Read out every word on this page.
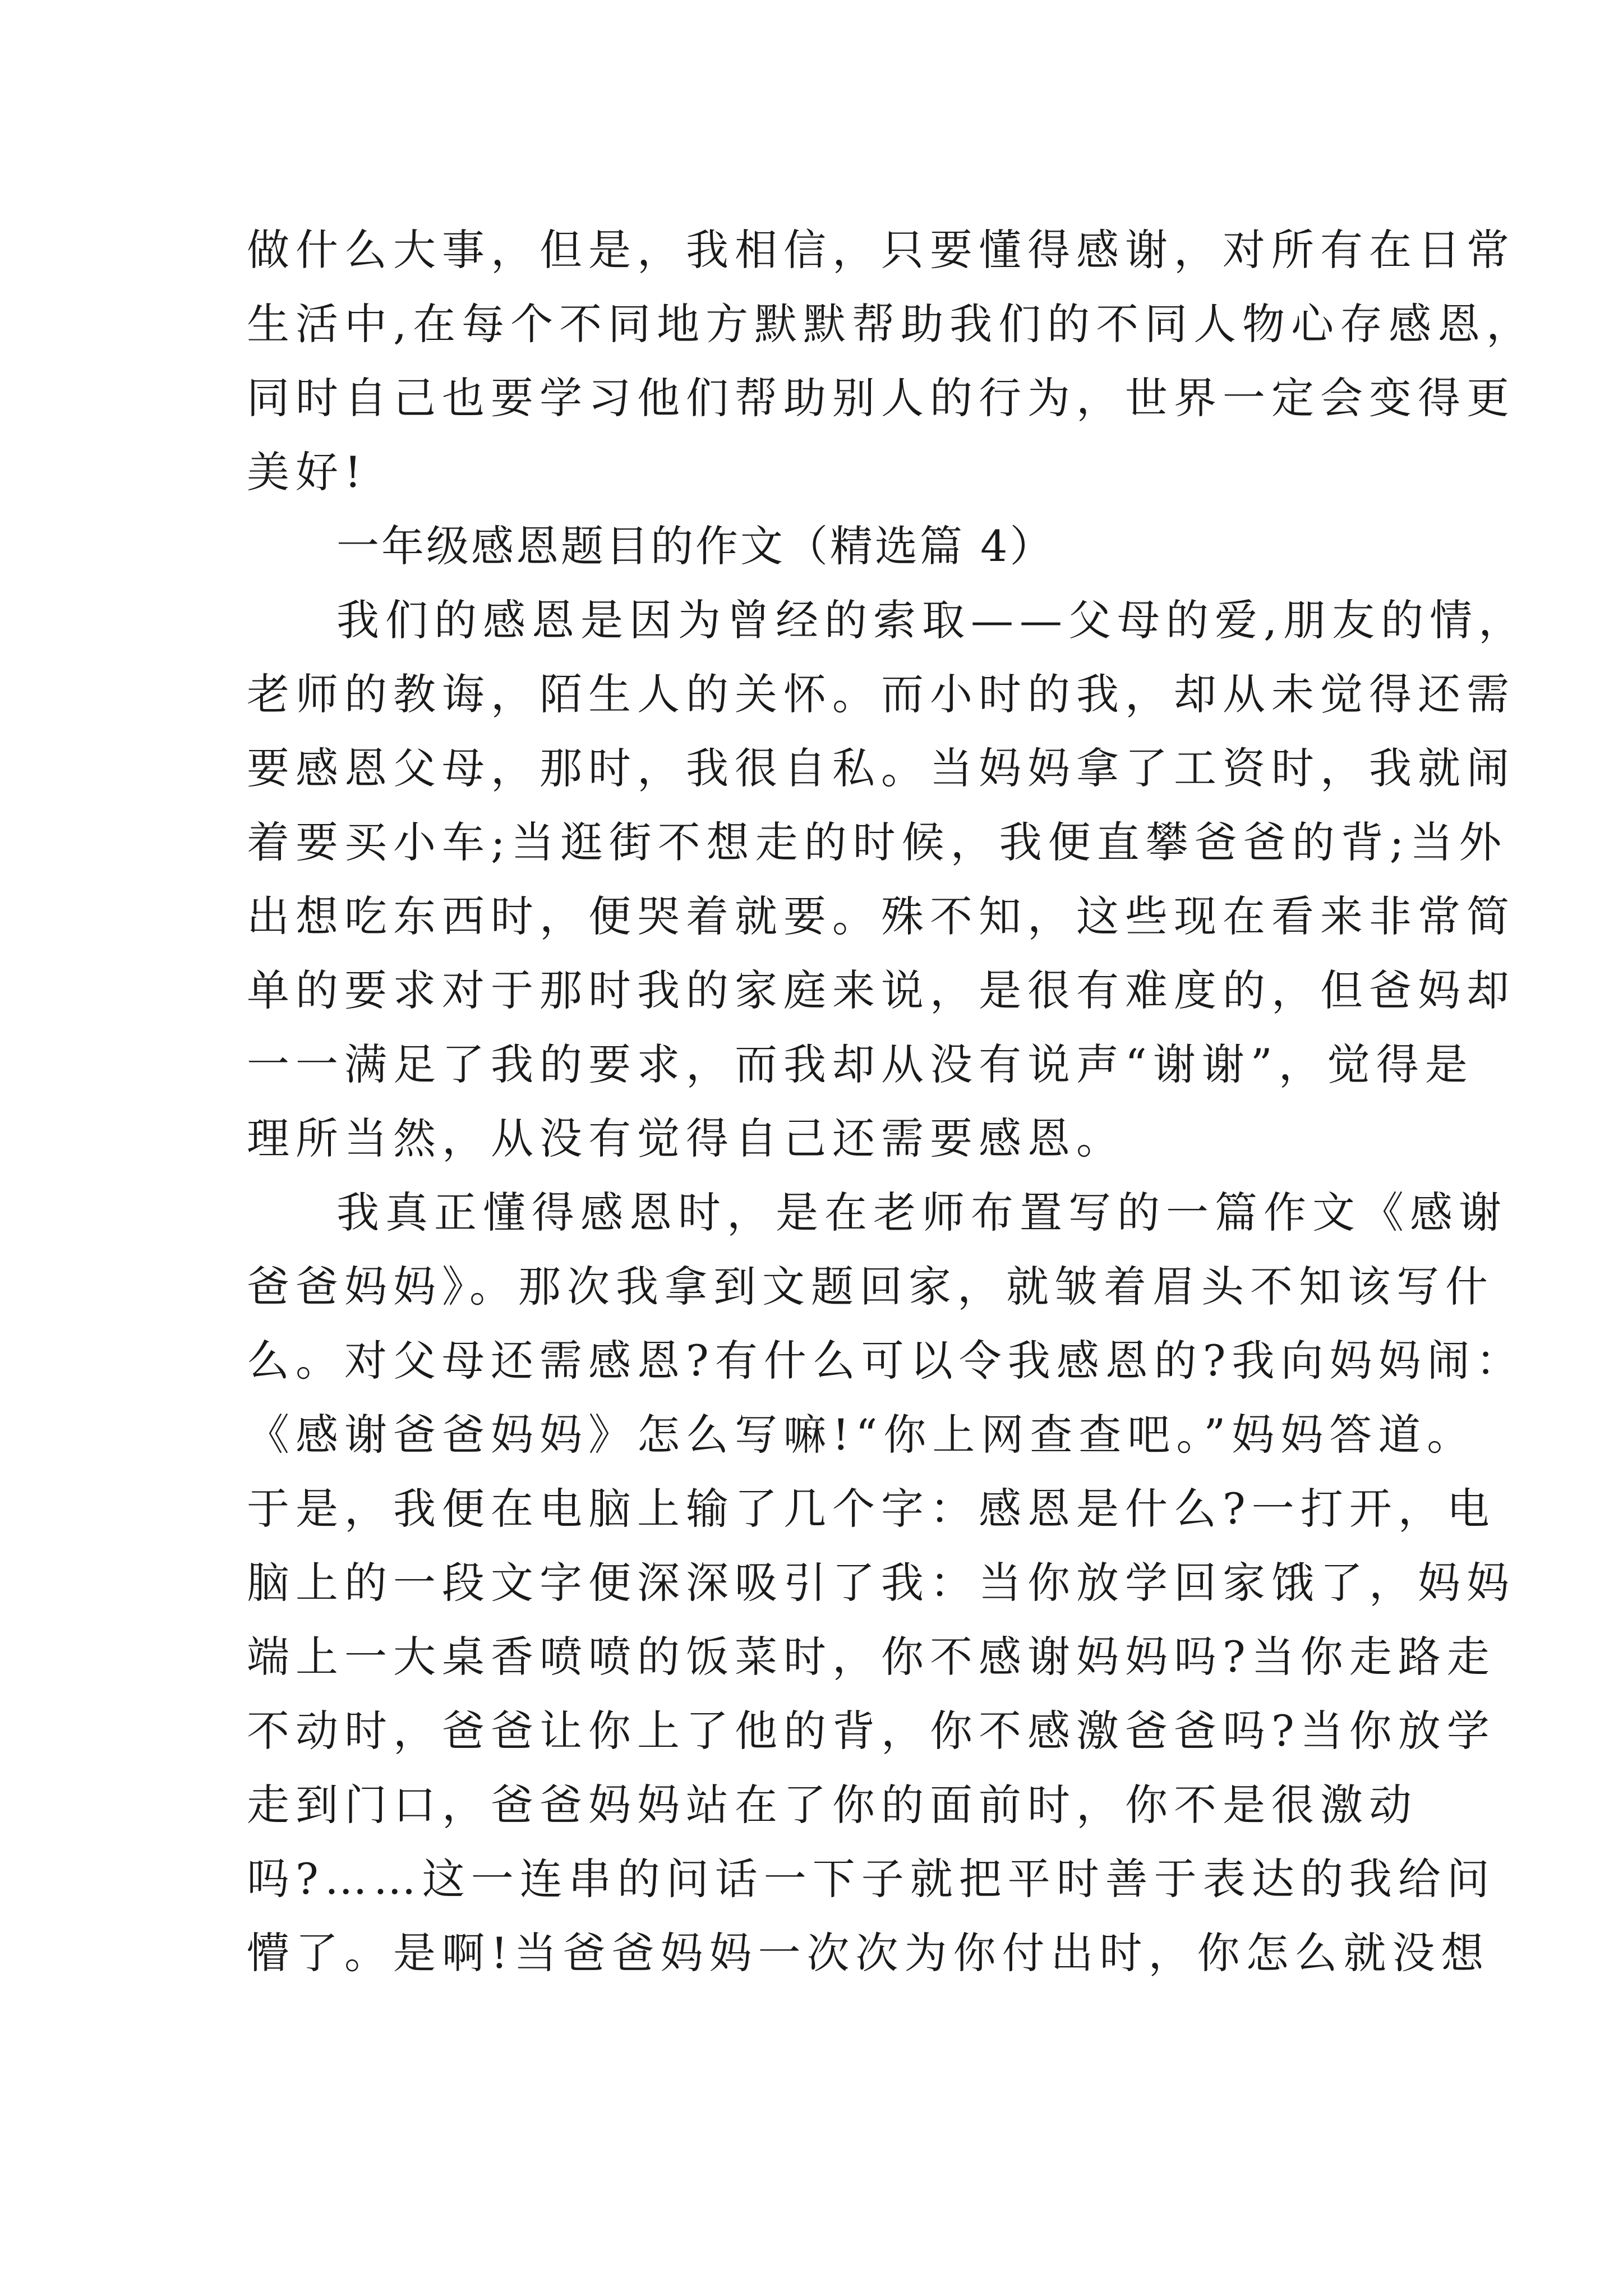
做什么大事，但是，我相信，只要懂得感谢，对所有在日常
生活中,在每个不同地方默默帮助我们的不同人物心存感恩，
同时自己也要学习他们帮助别人的行为，世界一定会变得更
美好!
一年级感恩题目的作文（精选篇 4）
我们的感恩是因为曾经的索取——父母的爱,朋友的情，
老师的教诲，陌生人的关怀。而小时的我，却从未觉得还需
要感恩父母，那时，我很自私。当妈妈拿了工资时，我就闹
着要买小车;当逛街不想走的时候，我便直攀爸爸的背;当外
出想吃东西时，便哭着就要。殊不知，这些现在看来非常简
单的要求对于那时我的家庭来说，是很有难度的，但爸妈却
一一满足了我的要求，而我却从没有说声“谢谢”，觉得是
理所当然，从没有觉得自己还需要感恩。
我真正懂得感恩时，是在老师布置写的一篇作文《感谢
爸爸妈妈》。那次我拿到文题回家，就皱着眉头不知该写什
么。对父母还需感恩?有什么可以令我感恩的?我向妈妈闹：
《感谢爸爸妈妈》怎么写嘛!“你上网查查吧。”妈妈答道。
于是，我便在电脑上输了几个字：感恩是什么?一打开，电
脑上的一段文字便深深吸引了我：当你放学回家饿了，妈妈
端上一大桌香喷喷的饭菜时，你不感谢妈妈吗?当你走路走
不动时，爸爸让你上了他的背，你不感激爸爸吗?当你放学
走到门口，爸爸妈妈站在了你的面前时，你不是很激动
吗?……这一连串的问话一下子就把平时善于表达的我给问
懵了。是啊!当爸爸妈妈一次次为你付出时，你怎么就没想
